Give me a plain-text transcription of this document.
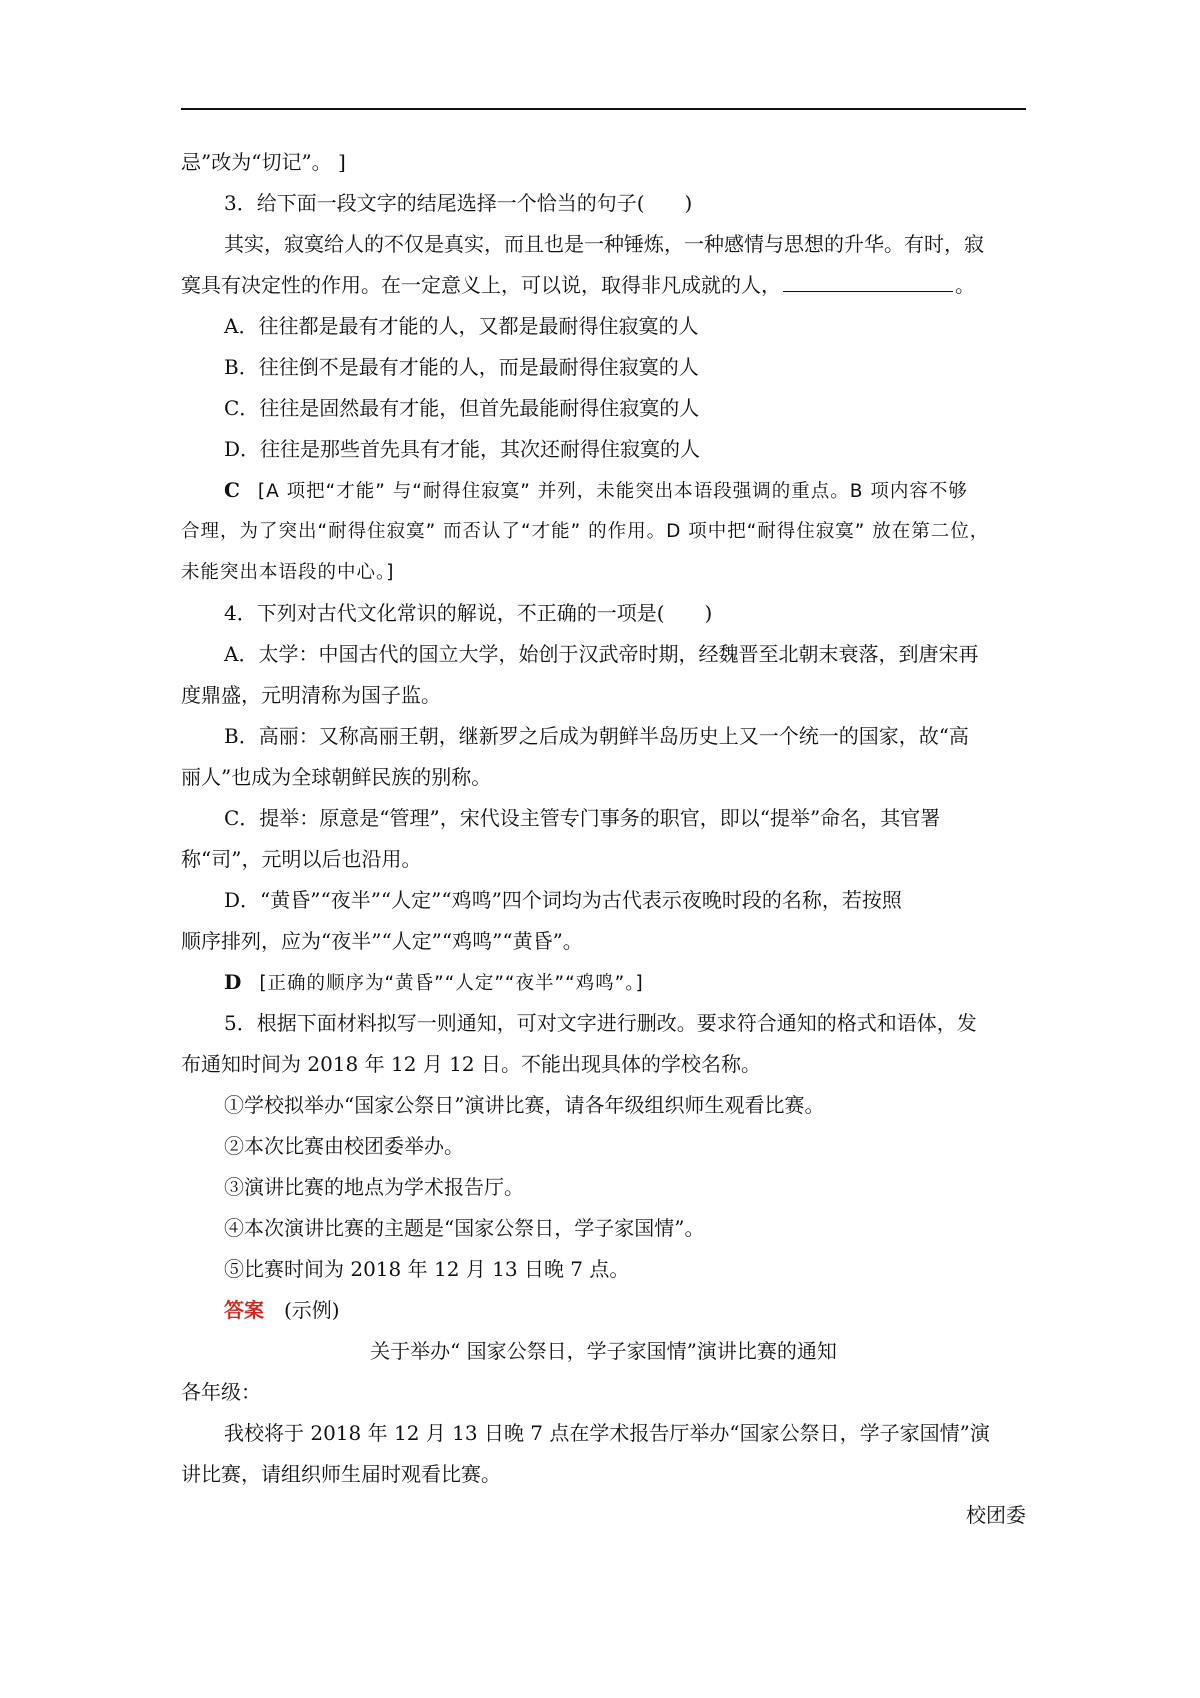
忌”改为“切记”。 ]
3．给下面一段文字的结尾选择一个恰当的句子(　　)
其实，寂寞给人的不仅是真实，而且也是一种锤炼，一种感情与思想的升华。有时，寂
寞具有决定性的作用。在一定意义上，可以说，取得非凡成就的人，	。
A．往往都是最有才能的人，又都是最耐得住寂寞的人
B．往往倒不是最有才能的人，而是最耐得住寂寞的人
C．往往是固然最有才能，但首先最能耐得住寂寞的人
D．往往是那些首先具有才能，其次还耐得住寂寞的人
C [A 项把“才能” 与“耐得住寂寞” 并列，未能突出本语段强调的重点。B 项内容不够
合理，为了突出“耐得住寂寞” 而否认了“才能” 的作用。D 项中把“耐得住寂寞” 放在第二位，
未能突出本语段的中心。]
4．下列对古代文化常识的解说，不正确的一项是(　　)
A．太学：中国古代的国立大学，始创于汉武帝时期，经魏晋至北朝末衰落，到唐宋再
度鼎盛，元明清称为国子监。
B．高丽：又称高丽王朝，继新罗之后成为朝鲜半岛历史上又一个统一的国家，故“高
丽人”也成为全球朝鲜民族的别称。
C．提举：原意是“管理”，宋代设主管专门事务的职官，即以“提举”命名，其官署
称“司”，元明以后也沿用。
D．“黄昏”“夜半”“人定”“鸡鸣”四个词均为古代表示夜晚时段的名称，若按照
顺序排列，应为“夜半”“人定”“鸡鸣”“黄昏”。
D [正确的顺序为“黄昏”“人定”“夜半”“鸡鸣”。]
5．根据下面材料拟写一则通知，可对文字进行删改。要求符合通知的格式和语体，发
布通知时间为 2018 年 12 月 12 日。不能出现具体的学校名称。
①学校拟举办“国家公祭日”演讲比赛，请各年级组织师生观看比赛。
②本次比赛由校团委举办。
③演讲比赛的地点为学术报告厅。
④本次演讲比赛的主题是“国家公祭日，学子家国情”。
⑤比赛时间为 2018 年 12 月 13 日晚 7 点。
答案 (示例)
关于举办“ 国家公祭日，学子家国情”演讲比赛的通知
各年级：
我校将于 2018 年 12 月 13 日晚 7 点在学术报告厅举办“国家公祭日，学子家国情”演
讲比赛，请组织师生届时观看比赛。
校团委
